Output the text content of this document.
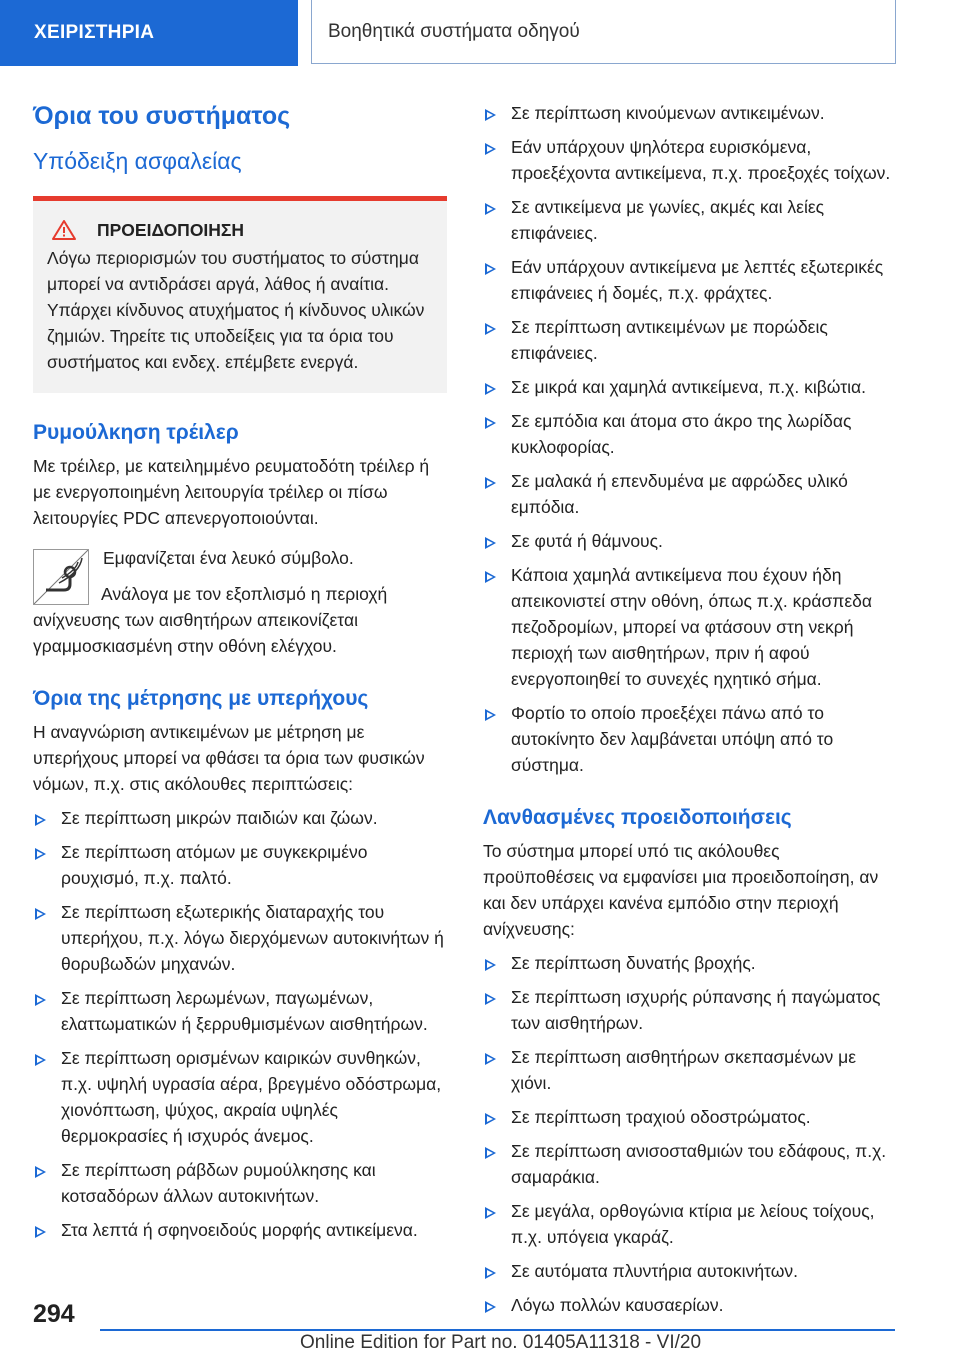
ΧΕΙΡΙΣΤΗΡΙΑ	Βοηθητικά συστήματα οδηγού
Όρια του συστήματος
Υπόδειξη ασφαλείας
ΠΡΟΕΙΔΟΠΟΙΗΣΗ

Λόγω περιορισμών του συστήματος το σύστημα μπορεί να αντιδράσει αργά, λάθος ή αναίτια. Υπάρχει κίνδυνος ατυχήματος ή κίνδυνος υλικών ζημιών. Τηρείτε τις υποδείξεις για τα όρια του συστήματος και ενδεχ. επέμβετε ενεργά.

Ρυμούλκηση τρέιλερ

Με τρέιλερ, με κατειλημμένο ρευματοδότη τρέιλερ ή με ενεργοποιημένη λειτουργία τρέιλερ οι πίσω λειτουργίες PDC απενεργοποιούνται.

Εμφανίζεται ένα λευκό σύμβολο.

Ανάλογα με τον εξοπλισμό η περιοχή ανίχνευσης των αισθητήρων απεικονίζεται γραμμοσκιασμένη στην οθόνη ελέγχου.

Όρια της μέτρησης με υπερήχους

Η αναγνώριση αντικειμένων με μέτρηση με υπερήχους μπορεί να φθάσει τα όρια των φυσικών νόμων, π.χ. στις ακόλουθες περιπτώσεις:

Σε περίπτωση μικρών παιδιών και ζώων.
Σε περίπτωση ατόμων με συγκεκριμένο ρουχισμό, π.χ. παλτό.
Σε περίπτωση εξωτερικής διαταραχής του υπερήχου, π.χ. λόγω διερχόμενων αυτοκινήτων ή θορυβωδών μηχανών.
Σε περίπτωση λερωμένων, παγωμένων, ελαττωματικών ή ξερρυθμισμένων αισθητήρων.
Σε περίπτωση ορισμένων καιρικών συνθηκών, π.χ. υψηλή υγρασία αέρα, βρεγμένο οδόστρωμα, χιονόπτωση, ψύχος, ακραία υψηλές θερμοκρασίες ή ισχυρός άνεμος.
Σε περίπτωση ράβδων ρυμούλκησης και κοτσαδόρων άλλων αυτοκινήτων.
Στα λεπτά ή σφηνοειδούς μορφής αντικείμενα.
Σε περίπτωση κινούμενων αντικειμένων.
Εάν υπάρχουν ψηλότερα ευρισκόμενα, προεξέχοντα αντικείμενα, π.χ. προεξοχές τοίχων.
Σε αντικείμενα με γωνίες, ακμές και λείες επιφάνειες.
Εάν υπάρχουν αντικείμενα με λεπτές εξωτερικές επιφάνειες ή δομές, π.χ. φράχτες.
Σε περίπτωση αντικειμένων με πορώδεις επιφάνειες.
Σε μικρά και χαμηλά αντικείμενα, π.χ. κιβώτια.
Σε εμπόδια και άτομα στο άκρο της λωρίδας κυκλοφορίας.
Σε μαλακά ή επενδυμένα με αφρώδες υλικό εμπόδια.
Σε φυτά ή θάμνους.
Κάποια χαμηλά αντικείμενα που έχουν ήδη απεικονιστεί στην οθόνη, όπως π.χ. κράσπεδα πεζοδρομίων, μπορεί να φτάσουν στη νεκρή περιοχή των αισθητήρων, πριν ή αφού ενεργοποιηθεί το συνεχές ηχητικό σήμα.
Φορτίο το οποίο προεξέχει πάνω από το αυτοκίνητο δεν λαμβάνεται υπόψη από το σύστημα.
Λανθασμένες προειδοποιήσεις

Το σύστημα μπορεί υπό τις ακόλουθες προϋποθέσεις να εμφανίσει μια προειδοποίηση, αν και δεν υπάρχει κανένα εμπόδιο στην περιοχή ανίχνευσης:

Σε περίπτωση δυνατής βροχής.
Σε περίπτωση ισχυρής ρύπανσης ή παγώματος των αισθητήρων.
Σε περίπτωση αισθητήρων σκεπασμένων με χιόνι.
Σε περίπτωση τραχιού οδοστρώματος.
Σε περίπτωση ανισοσταθμιών του εδάφους, π.χ. σαμαράκια.
Σε μεγάλα, ορθογώνια κτίρια με λείους τοίχους, π.χ. υπόγεια γκαράζ.
Σε αυτόματα πλυντήρια αυτοκινήτων.
Λόγω πολλών καυσαερίων.
294
Online Edition for Part no. 01405A11318 - VI/20
